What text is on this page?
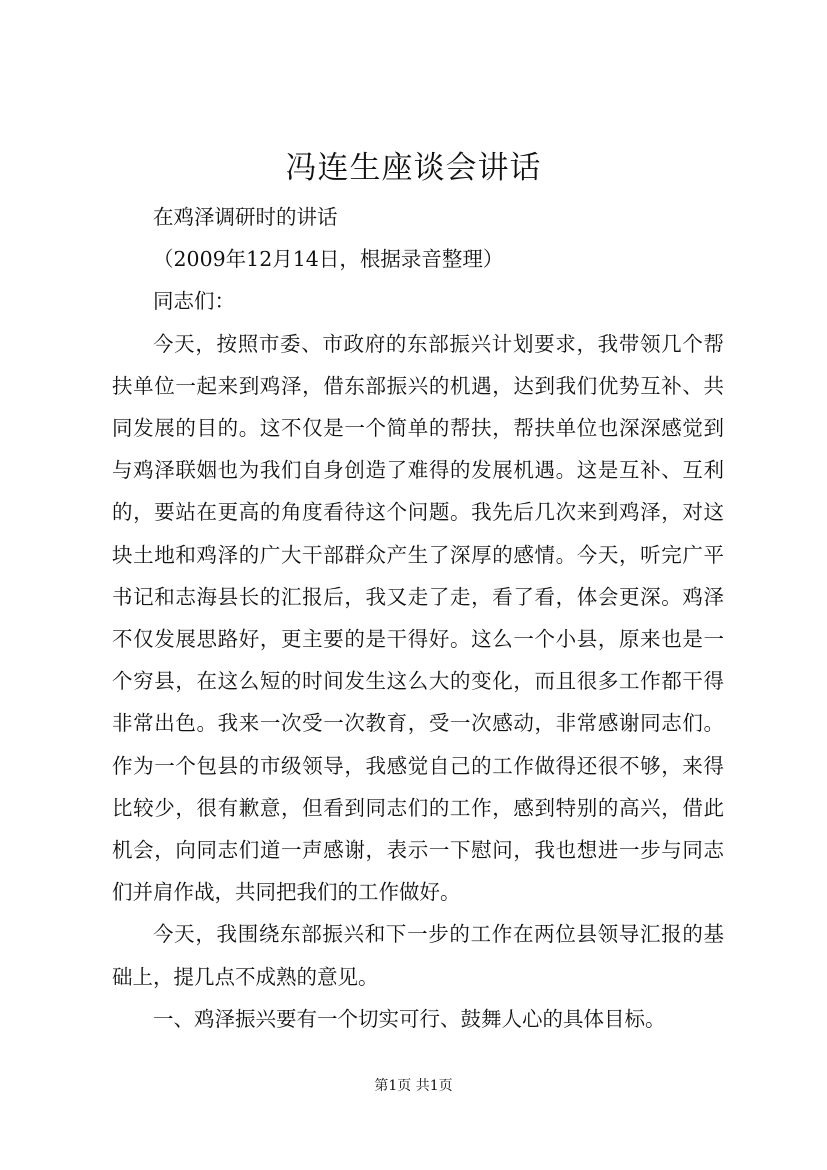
冯连生座谈会讲话

在鸡泽调研时的讲话

（2009年12月14日，根据录音整理）

同志们：

今天，按照市委、市政府的东部振兴计划要求，我带领几个帮扶单位一起来到鸡泽，借东部振兴的机遇，达到我们优势互补、共同发展的目的。这不仅是一个简单的帮扶，帮扶单位也深深感觉到与鸡泽联姻也为我们自身创造了难得的发展机遇。这是互补、互利的，要站在更高的角度看待这个问题。我先后几次来到鸡泽，对这块土地和鸡泽的广大干部群众产生了深厚的感情。今天，听完广平书记和志海县长的汇报后，我又走了走，看了看，体会更深。鸡泽不仅发展思路好，更主要的是干得好。这么一个小县，原来也是一个穷县，在这么短的时间发生这么大的变化，而且很多工作都干得非常出色。我来一次受一次教育，受一次感动，非常感谢同志们。作为一个包县的市级领导，我感觉自己的工作做得还很不够，来得比较少，很有歉意，但看到同志们的工作，感到特别的高兴，借此机会，向同志们道一声感谢，表示一下慰问，我也想进一步与同志们并肩作战，共同把我们的工作做好。

今天，我围绕东部振兴和下一步的工作在两位县领导汇报的基础上，提几点不成熟的意见。

一、鸡泽振兴要有一个切实可行、鼓舞人心的具体目标。

第1页 共1页
